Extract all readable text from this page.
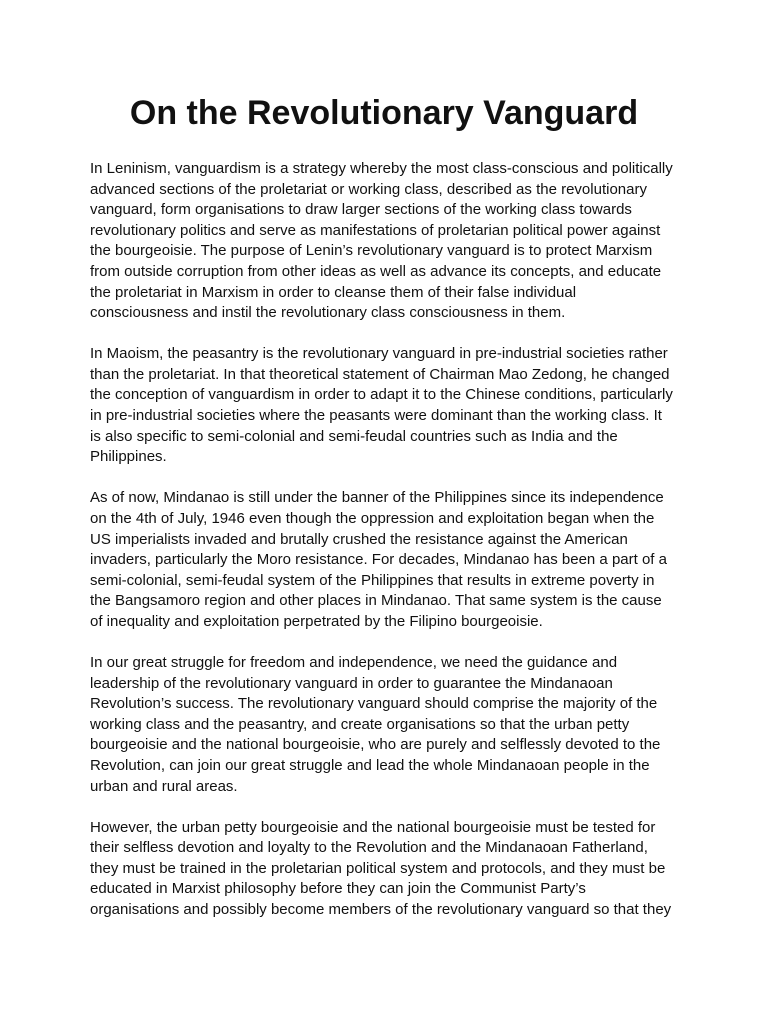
On the Revolutionary Vanguard

In Leninism, vanguardism is a strategy whereby the most class-conscious and politically
advanced sections of the proletariat or working class, described as the revolutionary
vanguard, form organisations to draw larger sections of the working class towards
revolutionary politics and serve as manifestations of proletarian political power against
the bourgeoisie. The purpose of Lenin’s revolutionary vanguard is to protect Marxism
from outside corruption from other ideas as well as advance its concepts, and educate
the proletariat in Marxism in order to cleanse them of their false individual
consciousness and instil the revolutionary class consciousness in them.

In Maoism, the peasantry is the revolutionary vanguard in pre-industrial societies rather
than the proletariat. In that theoretical statement of Chairman Mao Zedong, he changed
the conception of vanguardism in order to adapt it to the Chinese conditions, particularly
in pre-industrial societies where the peasants were dominant than the working class. It
is also specific to semi-colonial and semi-feudal countries such as India and the
Philippines.

As of now, Mindanao is still under the banner of the Philippines since its independence
on the 4th of July, 1946 even though the oppression and exploitation began when the
US imperialists invaded and brutally crushed the resistance against the American
invaders, particularly the Moro resistance. For decades, Mindanao has been a part of a
semi-colonial, semi-feudal system of the Philippines that results in extreme poverty in
the Bangsamoro region and other places in Mindanao. That same system is the cause
of inequality and exploitation perpetrated by the Filipino bourgeoisie.

In our great struggle for freedom and independence, we need the guidance and
leadership of the revolutionary vanguard in order to guarantee the Mindanaoan
Revolution’s success. The revolutionary vanguard should comprise the majority of the
working class and the peasantry, and create organisations so that the urban petty
bourgeoisie and the national bourgeoisie, who are purely and selflessly devoted to the
Revolution, can join our great struggle and lead the whole Mindanaoan people in the
urban and rural areas.

However, the urban petty bourgeoisie and the national bourgeoisie must be tested for
their selfless devotion and loyalty to the Revolution and the Mindanaoan Fatherland,
they must be trained in the proletarian political system and protocols, and they must be
educated in Marxist philosophy before they can join the Communist Party’s
organisations and possibly become members of the revolutionary vanguard so that they
